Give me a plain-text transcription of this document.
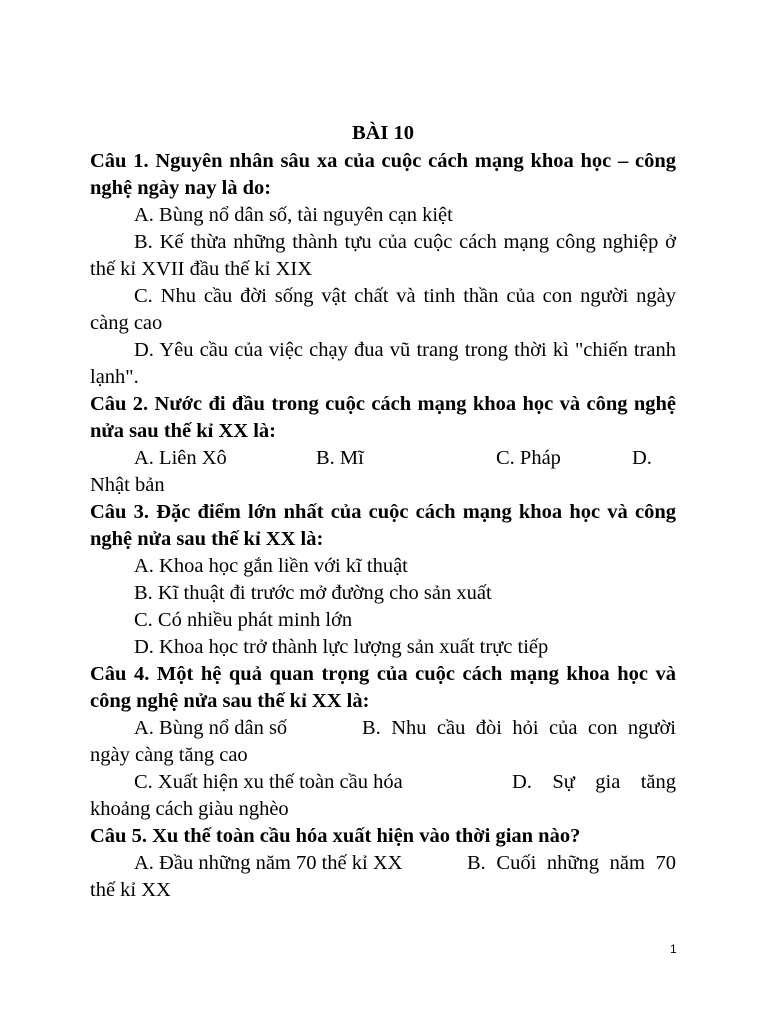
BÀI 10
Câu 1. Nguyên nhân sâu xa của cuộc cách mạng khoa học – công nghệ ngày nay là do:
A. Bùng nổ dân số, tài nguyên cạn kiệt
B. Kế thừa những thành tựu của cuộc cách mạng công nghiệp ở thế kỉ XVII đầu thế kỉ XIX
C. Nhu cầu đời sống vật chất và tinh thần của con người ngày càng cao
D. Yêu cầu của việc chạy đua vũ trang trong thời kì "chiến tranh lạnh".
Câu 2. Nước đi đầu trong cuộc cách mạng khoa học và công nghệ nửa sau thế kỉ XX là:
A. Liên Xô	B. Mĩ	C. Pháp	D.
Nhật bản
Câu 3. Đặc điểm lớn nhất của cuộc cách mạng khoa học và công nghệ nửa sau thế kỉ XX là:
A. Khoa học gắn liền với kĩ thuật
B. Kĩ thuật đi trước mở đường cho sản xuất
C. Có nhiều phát minh lớn
D. Khoa học trở thành lực lượng sản xuất trực tiếp
Câu 4. Một hệ quả quan trọng của cuộc cách mạng khoa học và công nghệ nửa sau thế kỉ XX là:
A. Bùng nổ dân số	B. Nhu cầu đòi hỏi của con người
ngày càng tăng cao
C. Xuất hiện xu thế toàn cầu hóa	D. Sự gia tăng
khoảng cách giàu nghèo
Câu 5. Xu thế toàn cầu hóa xuất hiện vào thời gian nào?
A. Đầu những năm 70 thế kỉ XX	B. Cuối những năm 70
thế kỉ XX
1
